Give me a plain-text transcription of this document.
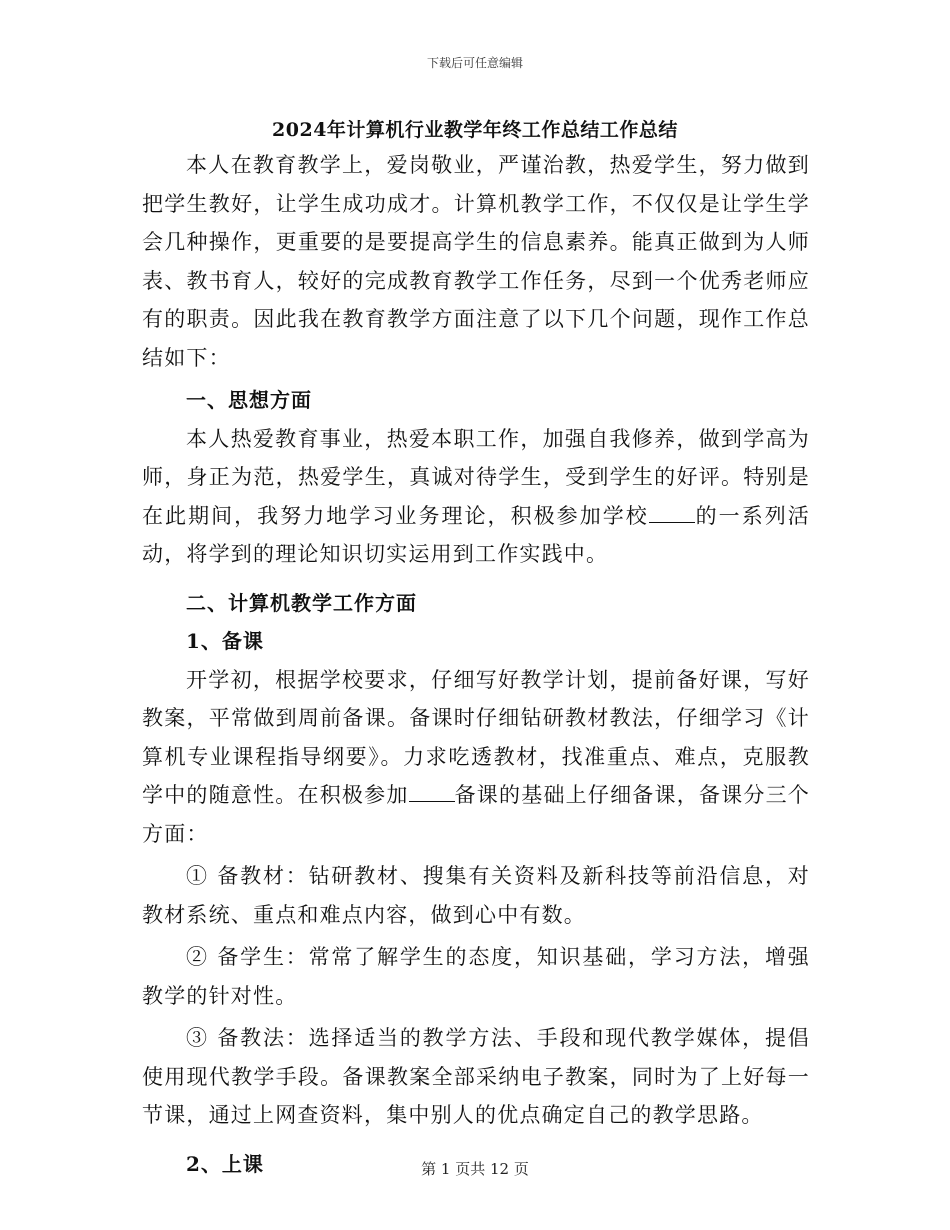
下载后可任意编辑
2024年计算机行业教学年终工作总结工作总结

本人在教育教学上，爱岗敬业，严谨治教，热爱学生，努力做到把学生教好，让学生成功成才。计算机教学工作，不仅仅是让学生学会几种操作，更重要的是要提高学生的信息素养。能真正做到为人师表、教书育人，较好的完成教育教学工作任务，尽到一个优秀老师应有的职责。因此我在教育教学方面注意了以下几个问题，现作工作总结如下：

一、思想方面

本人热爱教育事业，热爱本职工作，加强自我修养，做到学高为师，身正为范，热爱学生，真诚对待学生，受到学生的好评。特别是在此期间，我努力地学习业务理论，积极参加学校 的一系列活动，将学到的理论知识切实运用到工作实践中。

二、计算机教学工作方面

1、备课

开学初，根据学校要求，仔细写好教学计划，提前备好课，写好教案，平常做到周前备课。备课时仔细钻研教材教法，仔细学习《计算机专业课程指导纲要》。力求吃透教材，找准重点、难点，克服教学中的随意性。在积极参加 备课的基础上仔细备课，备课分三个方面：

① 备教材：钻研教材、搜集有关资料及新科技等前沿信息，对教材系统、重点和难点内容，做到心中有数。

② 备学生：常常了解学生的态度，知识基础，学习方法，增强教学的针对性。

③ 备教法：选择适当的教学方法、手段和现代教学媒体，提倡使用现代教学手段。备课教案全部采纳电子教案，同时为了上好每一节课，通过上网查资料，集中别人的优点确定自己的教学思路。

2、上课	第 1 页共 12 页
